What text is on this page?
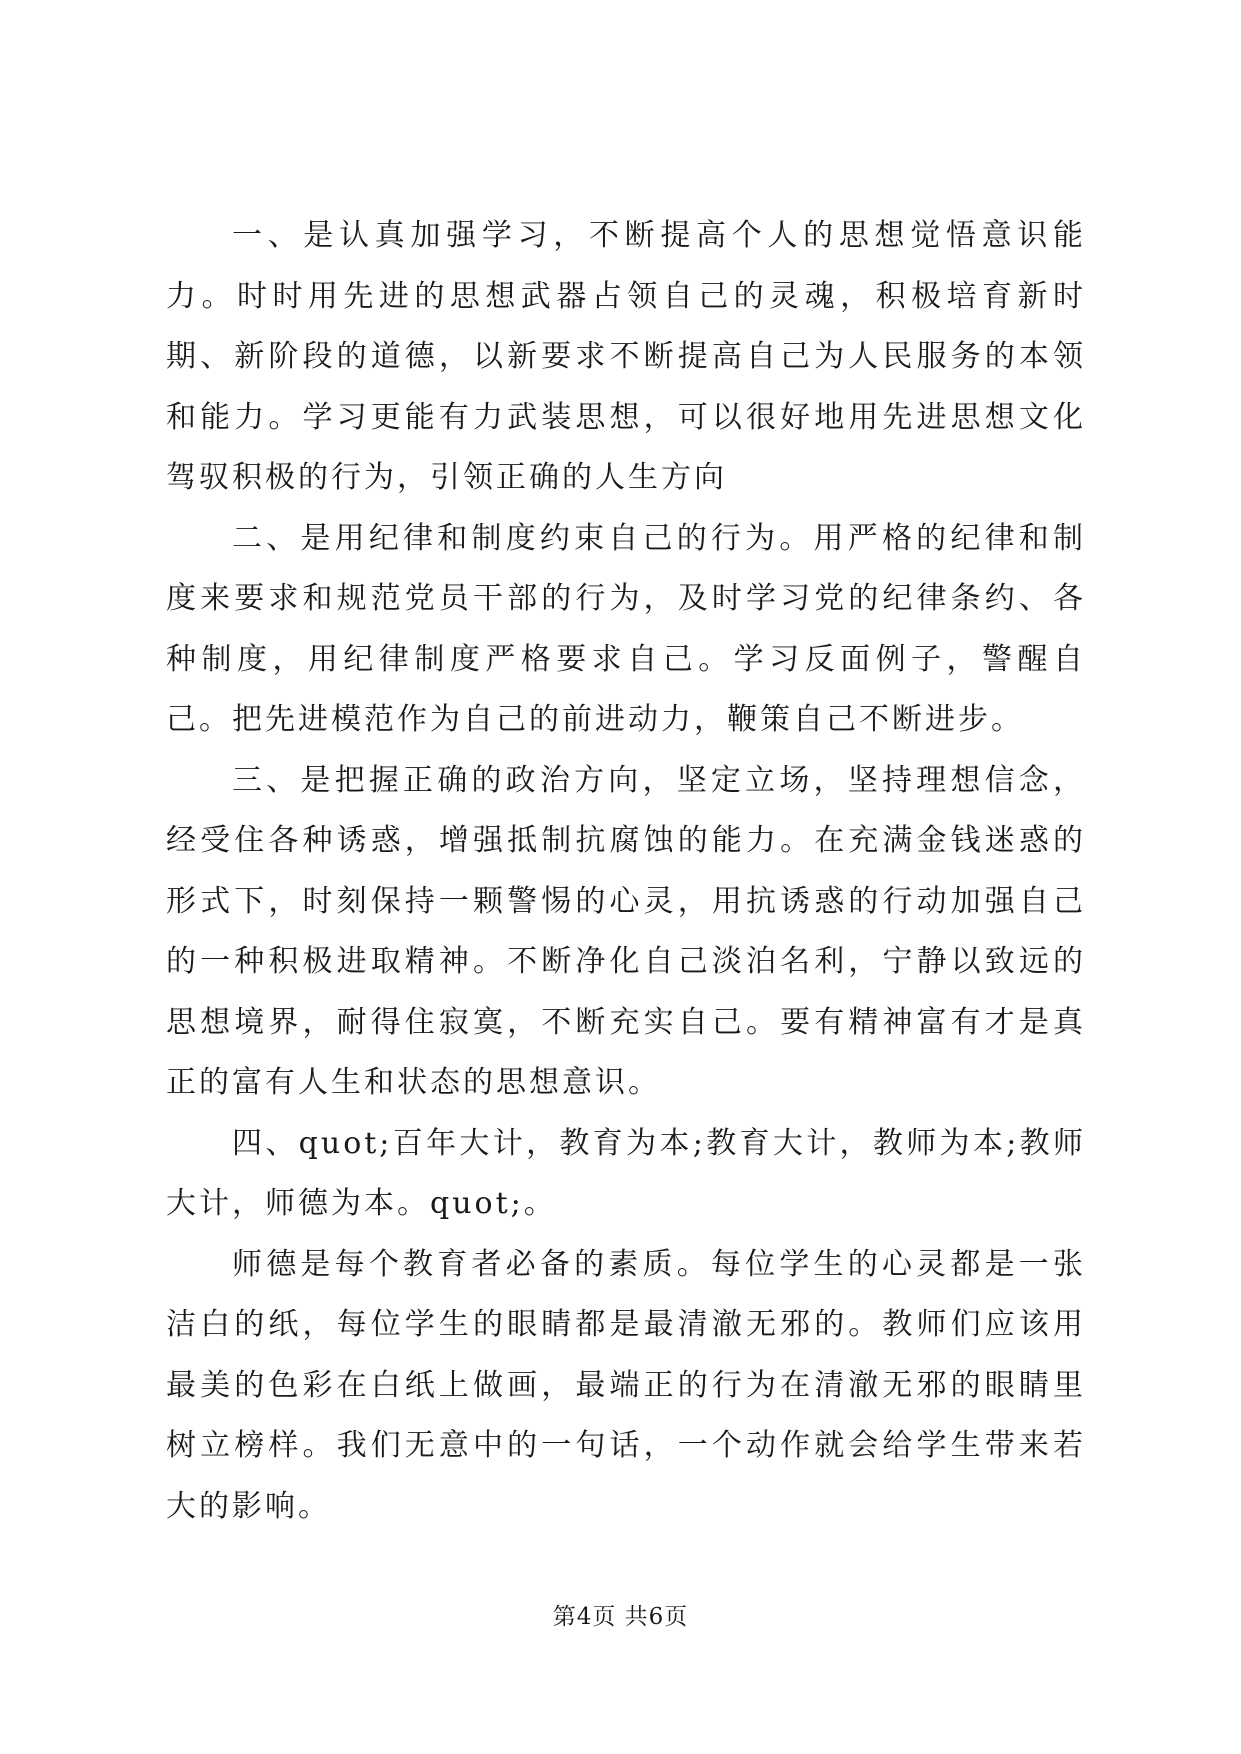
一、是认真加强学习，不断提高个人的思想觉悟意识能力。时时用先进的思想武器占领自己的灵魂，积极培育新时期、新阶段的道德，以新要求不断提高自己为人民服务的本领和能力。学习更能有力武装思想，可以很好地用先进思想文化驾驭积极的行为，引领正确的人生方向

二、是用纪律和制度约束自己的行为。用严格的纪律和制度来要求和规范党员干部的行为，及时学习党的纪律条约、各种制度，用纪律制度严格要求自己。学习反面例子，警醒自己。把先进模范作为自己的前进动力，鞭策自己不断进步。

三、是把握正确的政治方向，坚定立场，坚持理想信念，经受住各种诱惑，增强抵制抗腐蚀的能力。在充满金钱迷惑的形式下，时刻保持一颗警惕的心灵，用抗诱惑的行动加强自己的一种积极进取精神。不断净化自己淡泊名利，宁静以致远的思想境界，耐得住寂寞，不断充实自己。要有精神富有才是真正的富有人生和状态的思想意识。

四、quot;百年大计，教育为本;教育大计，教师为本;教师大计，师德为本。quot;。

师德是每个教育者必备的素质。每位学生的心灵都是一张洁白的纸，每位学生的眼睛都是最清澈无邪的。教师们应该用最美的色彩在白纸上做画，最端正的行为在清澈无邪的眼睛里树立榜样。我们无意中的一句话，一个动作就会给学生带来若大的影响。

第4页 共6页
